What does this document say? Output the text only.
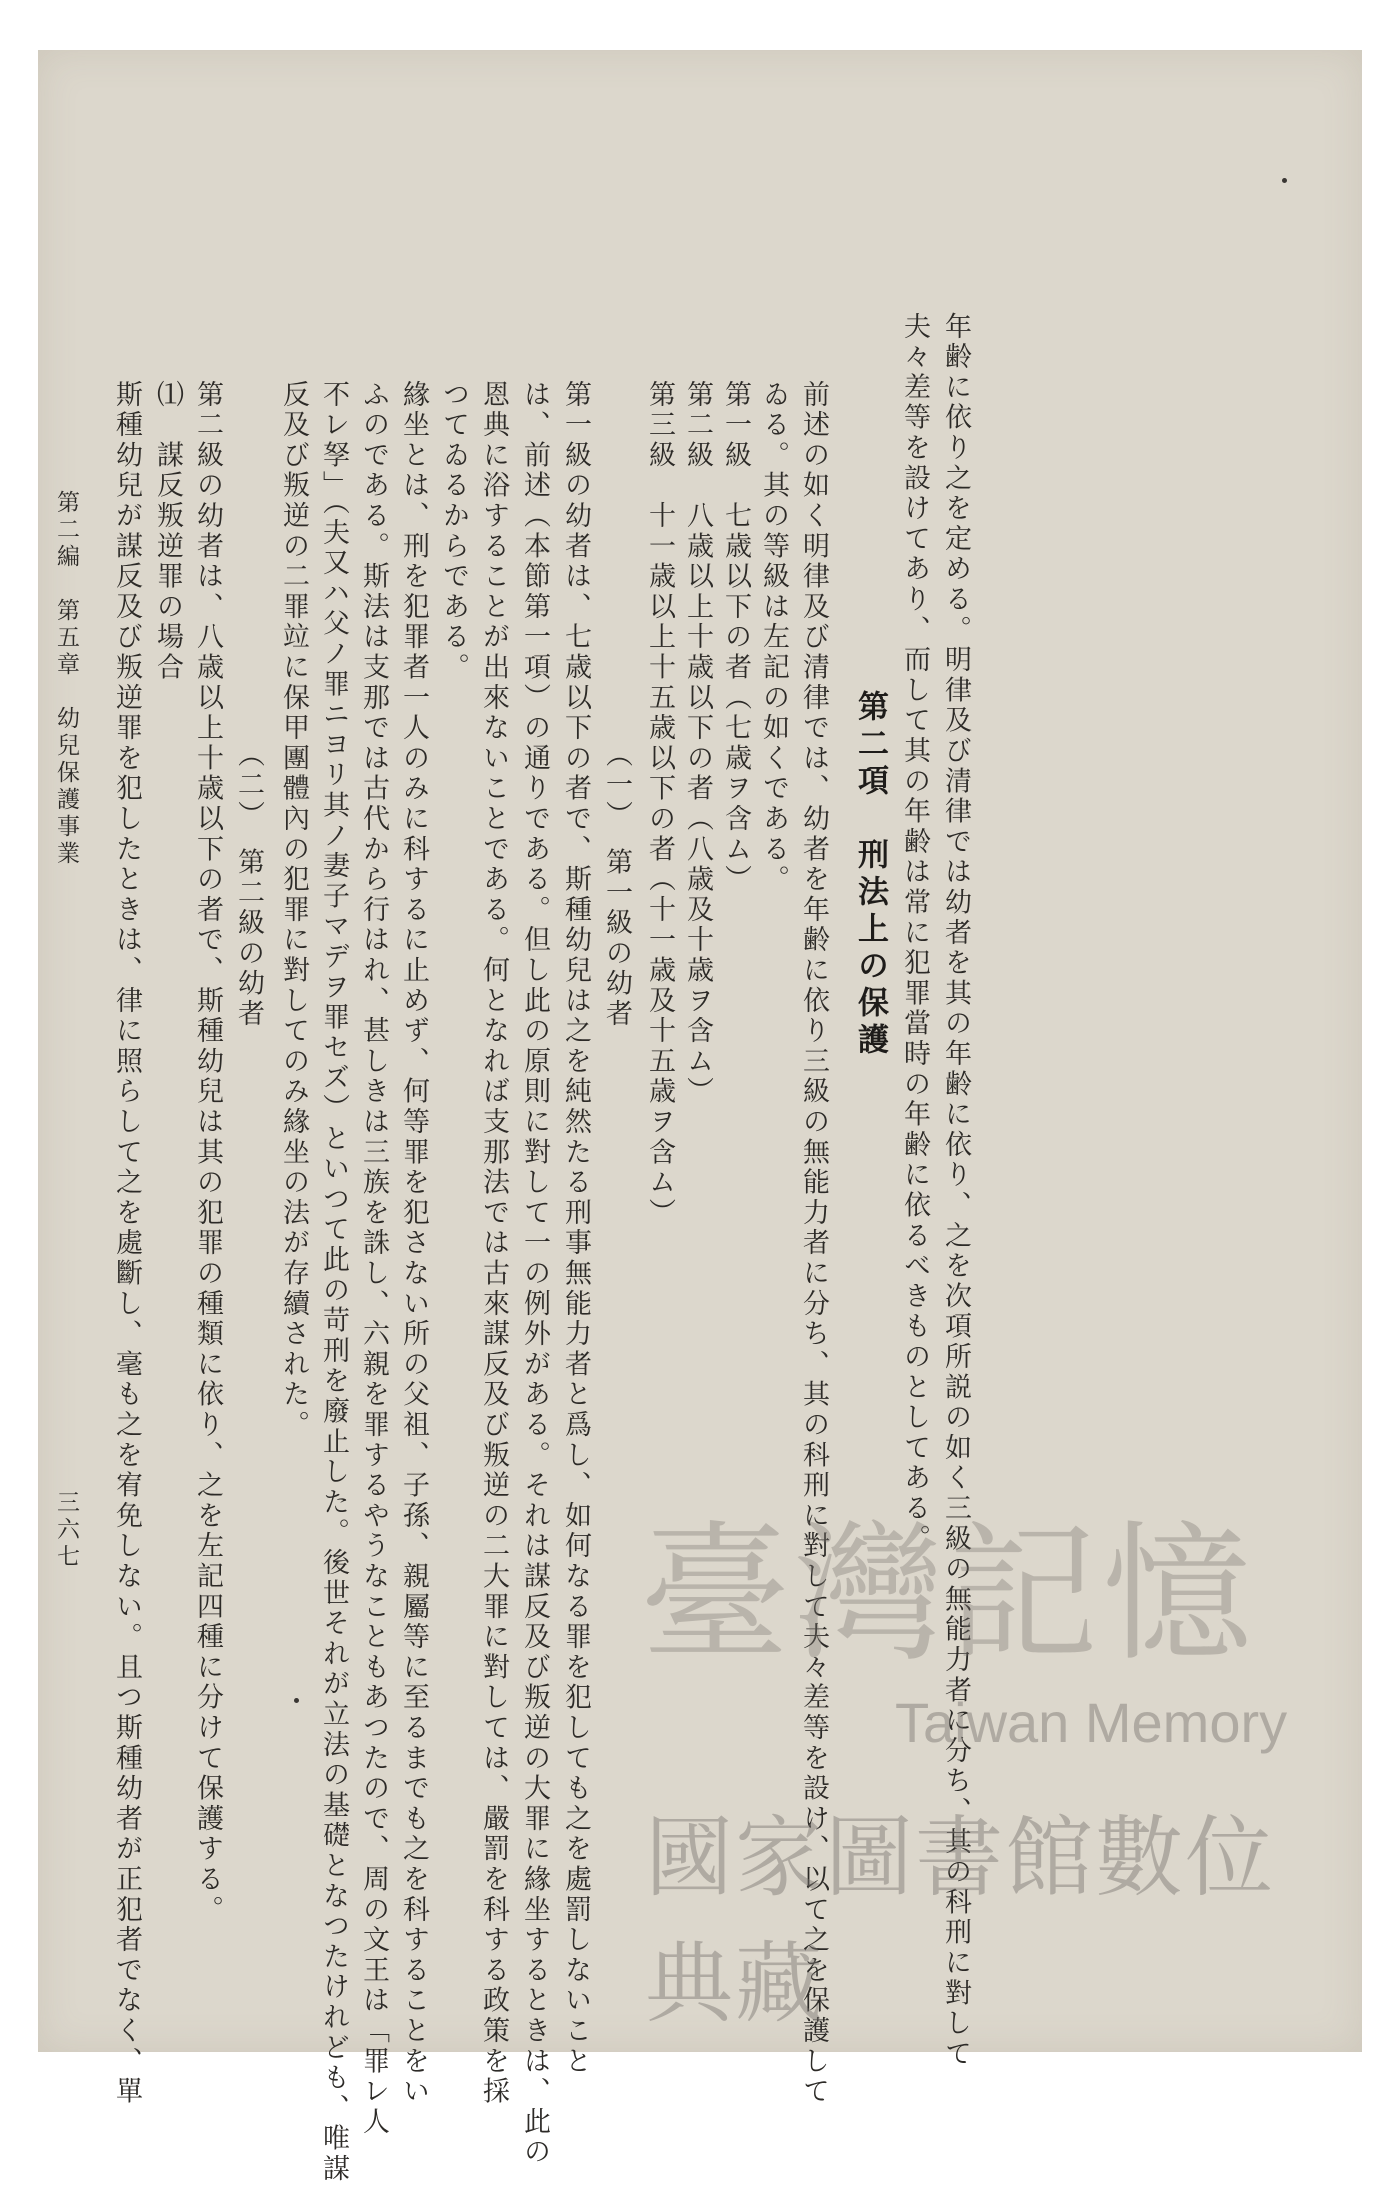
年齢に依り之を定める。明律及び清律では幼者を其の年齢に依り、之を次項所説の如く三級の無能力者に分ち、其の科刑に對して
夫々差等を設けてあり、而して其の年齢は常に犯罪當時の年齢に依るべきものとしてある。
第二項　刑法上の保護
前述の如く明律及び清律では、幼者を年齢に依り三級の無能力者に分ち、其の科刑に對して夫々差等を設け、以て之を保護して
ゐる。其の等級は左記の如くである。
第一級　七歳以下の者（七歳ヲ含ム）
第二級　八歳以上十歳以下の者（八歳及十歳ヲ含ム）
第三級　十一歳以上十五歳以下の者（十一歳及十五歳ヲ含ム）
（一）　第一級の幼者
第一級の幼者は、七歳以下の者で、斯種幼兒は之を純然たる刑事無能力者と爲し、如何なる罪を犯しても之を處罰しないこと
は、前述（本節第一項）の通りである。但し此の原則に對して一の例外がある。それは謀反及び叛逆の大罪に緣坐するときは、此の
恩典に浴することが出來ないことである。何となれば支那法では古來謀反及び叛逆の二大罪に對しては、嚴罰を科する政策を採
つてゐるからである。
緣坐とは、刑を犯罪者一人のみに科するに止めず、何等罪を犯さない所の父祖、子孫、親屬等に至るまでも之を科することをい
ふのである。斯法は支那では古代から行はれ、甚しきは三族を誅し、六親を罪するやうなこともあつたので、周の文王は「罪レ人
不レ孥」（夫又ハ父ノ罪ニヨリ其ノ妻子マデヲ罪セズ）といつて此の苛刑を廢止した。後世それが立法の基礎となつたけれども、唯謀
反及び叛逆の二罪竝に保甲團體內の犯罪に對してのみ緣坐の法が存續された。
（二）　第二級の幼者
第二級の幼者は、八歳以上十歳以下の者で、斯種幼兒は其の犯罪の種類に依り、之を左記四種に分けて保護する。
⑴　謀反叛逆罪の場合
斯種幼兒が謀反及び叛逆罪を犯したときは、律に照らして之を處斷し、毫も之を宥免しない。且つ斯種幼者が正犯者でなく、單
第二編　第五章　幼兒保護事業
三六七	臺灣記憶
Taiwan Memory
國家圖書館數位典藏
